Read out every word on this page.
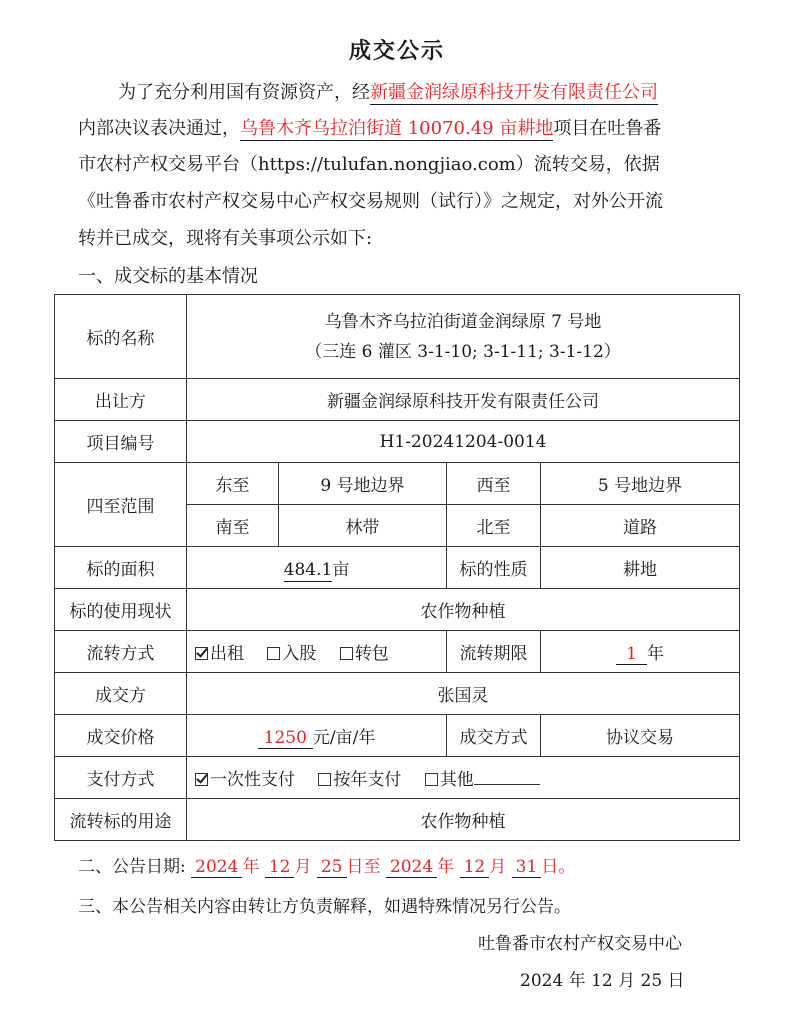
成交公示
为了充分利用国有资源资产，经新疆金润绿原科技开发有限责任公司
内部决议表决通过，乌鲁木齐乌拉泊街道 10070.49 亩耕地项目在吐鲁番
市农村产权交易平台（https://tulufan.nongjiao.com）流转交易，依据
《吐鲁番市农村产权交易中心产权交易规则（试行）》之规定，对外公开流
转并已成交，现将有关事项公示如下:
一、成交标的基本情况
标的名称	乌鲁木齐乌拉泊街道金润绿原 7 号地
（三连 6 灌区 3-1-10; 3-1-11; 3-1-12）			

出让方	新疆金润绿原科技开发有限责任公司			
项目编号	H1-20241204-0014			
四至范围	东至	9 号地边界	西至	5 号地边界
	南至	林带	北至	道路
标的面积	484.1亩		标的性质	耕地
标的使用现状	农作物种植			
流转方式	出租 入股 转包		流转期限	1 年
成交方	张国灵			
成交价格	1250 元/亩/年		成交方式	协议交易
支付方式	一次性支付 按年支付 其他			
流转标的用途	农作物种植			
二、公告日期: 2024 年 12 月 25 日至 2024 年 12 月 31 日。
三、本公告相关内容由转让方负责解释，如遇特殊情况另行公告。
吐鲁番市农村产权交易中心
2024 年 12 月 25 日
